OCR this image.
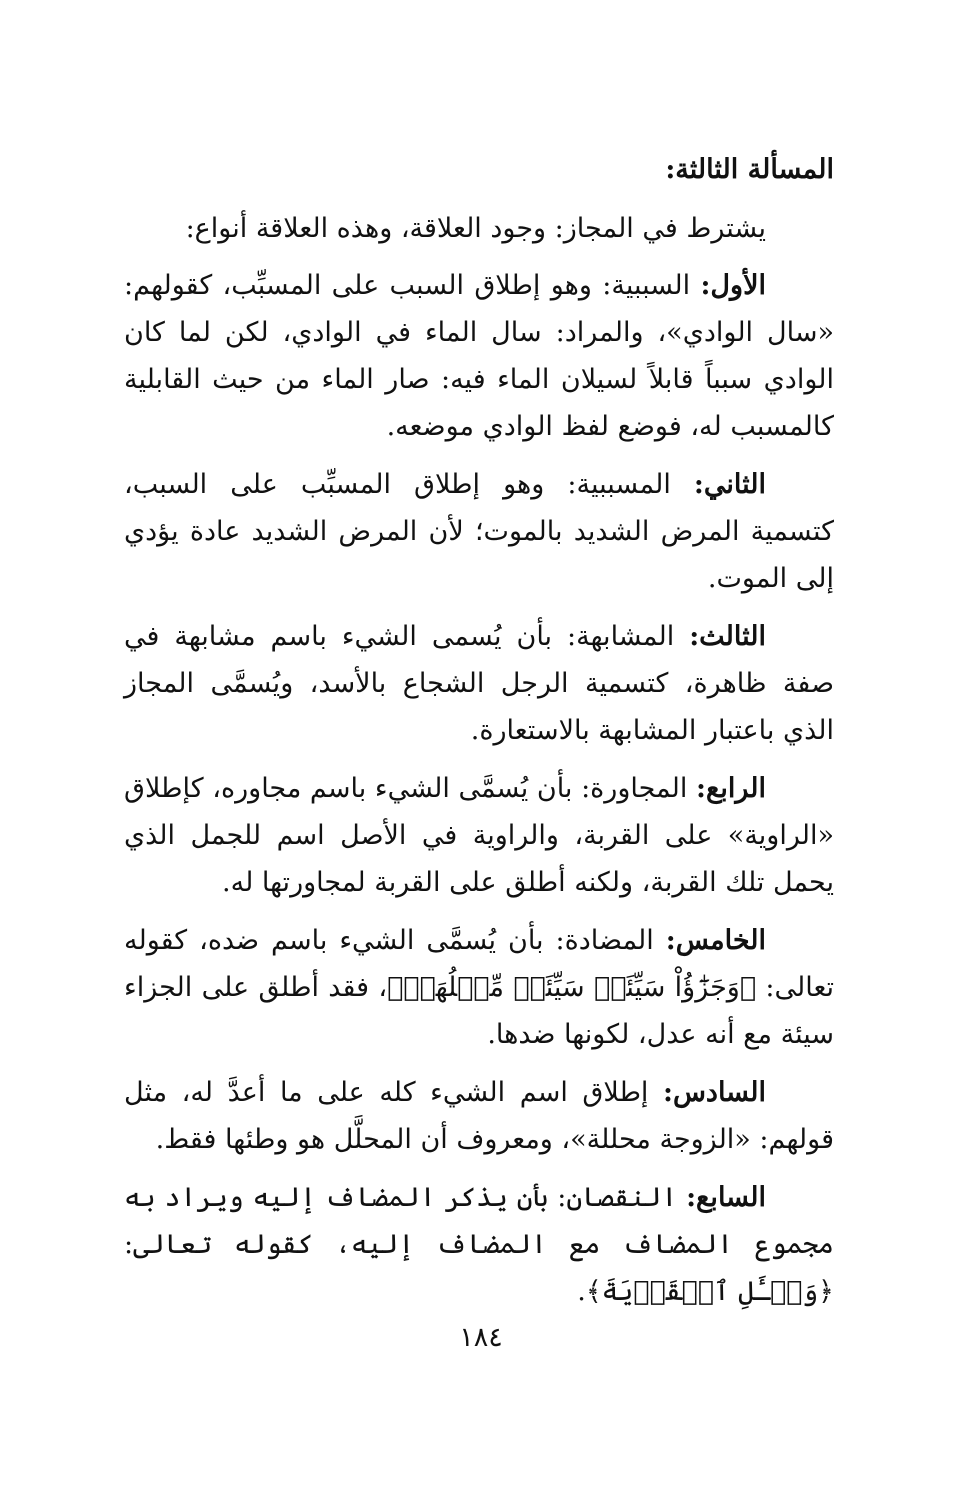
المسألة الثالثة:

يشترط في المجاز: وجود العلاقة، وهذه العلاقة أنواع:

الأول: السببية: وهو إطلاق السبب على المسبِّب، كقولهم: «سال الوادي»، والمراد: سال الماء في الوادي، لكن لما كان الوادي سبباً قابلاً لسيلان الماء فيه: صار الماء من حيث القابلية كالمسبب له، فوضع لفظ الوادي موضعه.

الثاني: المسببية: وهو إطلاق المسبِّب على السبب، كتسمية المرض الشديد بالموت؛ لأن المرض الشديد عادة يؤدي إلى الموت.

الثالث: المشابهة: بأن يُسمى الشيء باسم مشابهة في صفة ظاهرة، كتسمية الرجل الشجاع بالأسد، ويُسمَّى المجاز الذي باعتبار المشابهة بالاستعارة.

الرابع: المجاورة: بأن يُسمَّى الشيء باسم مجاوره، كإطلاق «الراوية» على القربة، والراوية في الأصل اسم للجمل الذي يحمل تلك القربة، ولكنه أطلق على القربة لمجاورتها له.

الخامس: المضادة: بأن يُسمَّى الشيء باسم ضده، كقوله تعالى: ﴿وَجَزَٰٓؤُاْ سَيِّئَةٖ سَيِّئَةٞ مِّثۡلُهَاۖ﴾، فقد أطلق على الجزاء سيئة مع أنه عدل، لكونها ضدها.

السادس: إطلاق اسم الشيء كله على ما أعدَّ له، مثل قولهم: «الزوجة محللة»، ومعروف أن المحلَّل هو وطئها فقط.

السابع: النقصان: بأن يذكر المضاف إليه ويراد به مجموع المضاف مع المضاف إليه، كقوله تعالى: ﴿وَسۡـَٔلِ ٱلۡقَرۡيَةَ﴾.

١٨٤
